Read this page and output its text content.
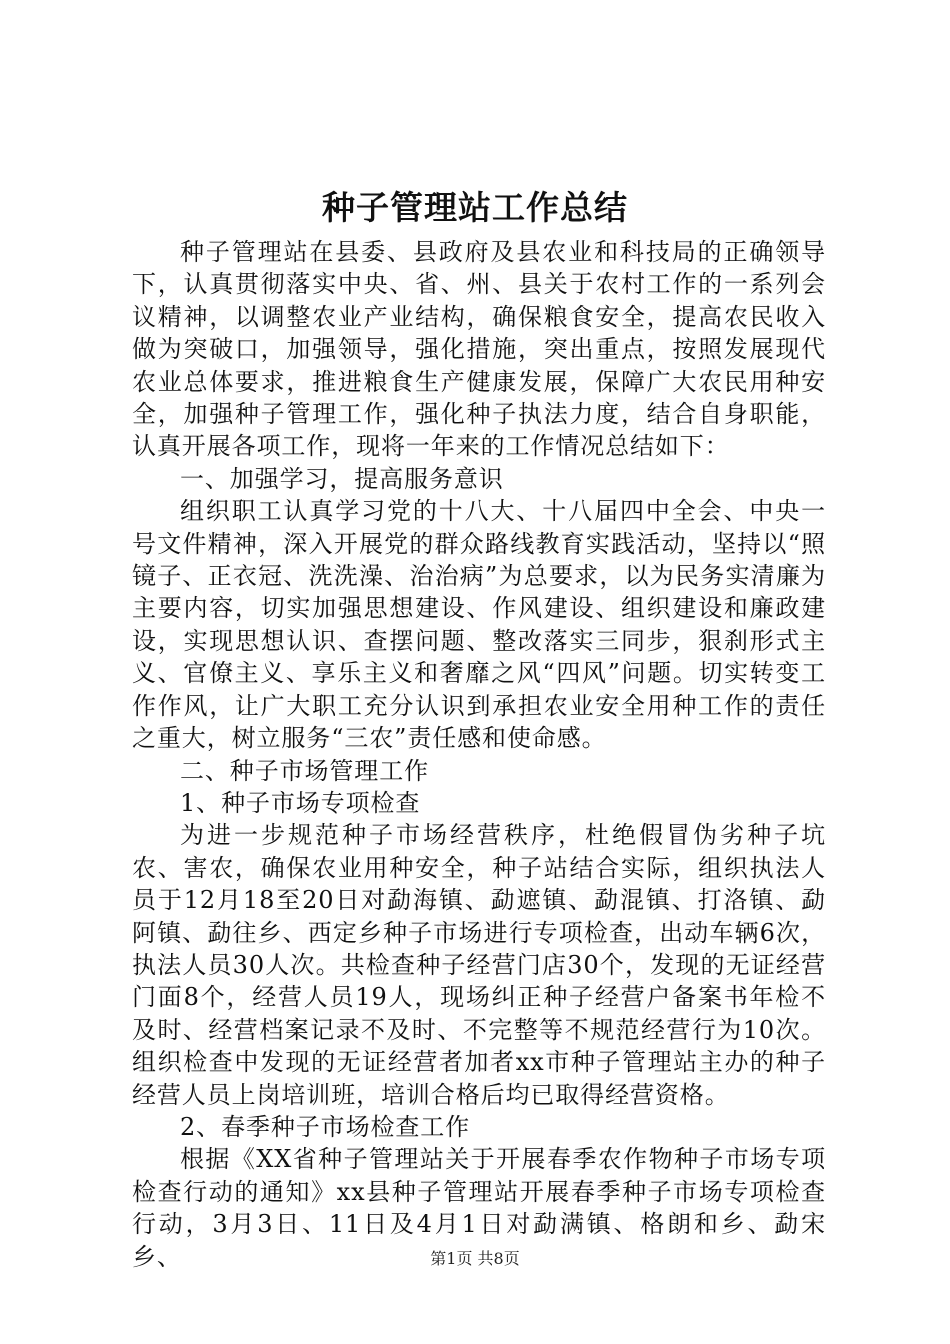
种子管理站工作总结

种子管理站在县委、县政府及县农业和科技局的正确领导下，认真贯彻落实中央、省、州、县关于农村工作的一系列会议精神，以调整农业产业结构，确保粮食安全，提高农民收入做为突破口，加强领导，强化措施，突出重点，按照发展现代农业总体要求，推进粮食生产健康发展，保障广大农民用种安全，加强种子管理工作，强化种子执法力度，结合自身职能，认真开展各项工作，现将一年来的工作情况总结如下：

一、加强学习，提高服务意识

组织职工认真学习党的十八大、十八届四中全会、中央一号文件精神，深入开展党的群众路线教育实践活动，坚持以“照镜子、正衣冠、洗洗澡、治治病”为总要求，以为民务实清廉为主要内容，切实加强思想建设、作风建设、组织建设和廉政建设，实现思想认识、查摆问题、整改落实三同步，狠刹形式主义、官僚主义、享乐主义和奢靡之风“四风”问题。切实转变工作作风，让广大职工充分认识到承担农业安全用种工作的责任之重大，树立服务“三农”责任感和使命感。

二、种子市场管理工作

1、种子市场专项检查

为进一步规范种子市场经营秩序，杜绝假冒伪劣种子坑农、害农，确保农业用种安全，种子站结合实际，组织执法人员于12月18至20日对勐海镇、勐遮镇、勐混镇、打洛镇、勐阿镇、勐往乡、西定乡种子市场进行专项检查，出动车辆6次，执法人员30人次。共检查种子经营门店30个，发现的无证经营门面8个，经营人员19人，现场纠正种子经营户备案书年检不及时、经营档案记录不及时、不完整等不规范经营行为10次。组织检查中发现的无证经营者加者xx市种子管理站主办的种子经营人员上岗培训班，培训合格后均已取得经营资格。

2、春季种子市场检查工作

根据《XX省种子管理站关于开展春季农作物种子市场专项检查行动的通知》xx县种子管理站开展春季种子市场专项检查行动，3月3日、11日及4月1日对勐满镇、格朗和乡、勐宋乡、	第1页 共8页
